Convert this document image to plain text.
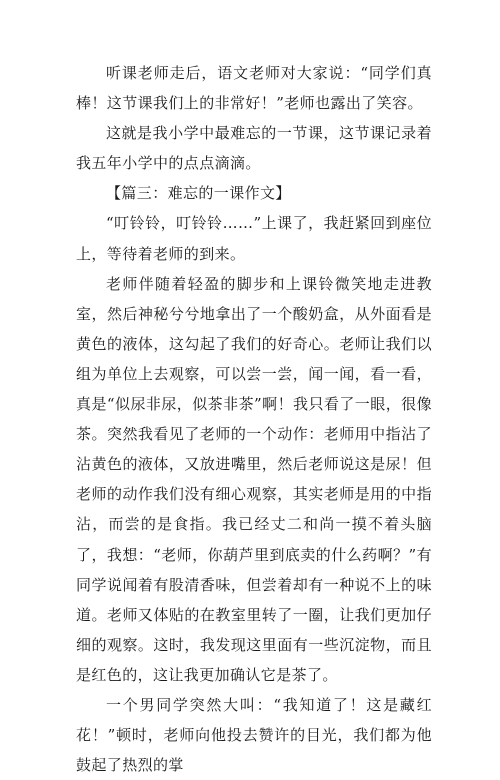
听课老师走后，语文老师对大家说：“同学们真棒！这节课我们上的非常好！”老师也露出了笑容。

这就是我小学中最难忘的一节课，这节课记录着我五年小学中的点点滴滴。

【篇三：难忘的一课作文】

“叮铃铃，叮铃铃……”上课了，我赶紧回到座位上，等待着老师的到来。

老师伴随着轻盈的脚步和上课铃微笑地走进教室，然后神秘兮兮地拿出了一个酸奶盒，从外面看是黄色的液体，这勾起了我们的好奇心。老师让我们以组为单位上去观察，可以尝一尝，闻一闻，看一看，真是“似尿非尿，似茶非茶”啊！我只看了一眼，很像茶。突然我看见了老师的一个动作：老师用中指沾了沾黄色的液体，又放进嘴里，然后老师说这是尿！但老师的动作我们没有细心观察，其实老师是用的中指沾，而尝的是食指。我已经丈二和尚一摸不着头脑了，我想：“老师，你葫芦里到底卖的什么药啊？”有同学说闻着有股清香味，但尝着却有一种说不上的味道。老师又体贴的在教室里转了一圈，让我们更加仔细的观察。这时，我发现这里面有一些沉淀物，而且是红色的，这让我更加确认它是茶了。

一个男同学突然大叫：“我知道了！这是藏红花！”顿时，老师向他投去赞许的目光，我们都为他鼓起了热烈的掌
